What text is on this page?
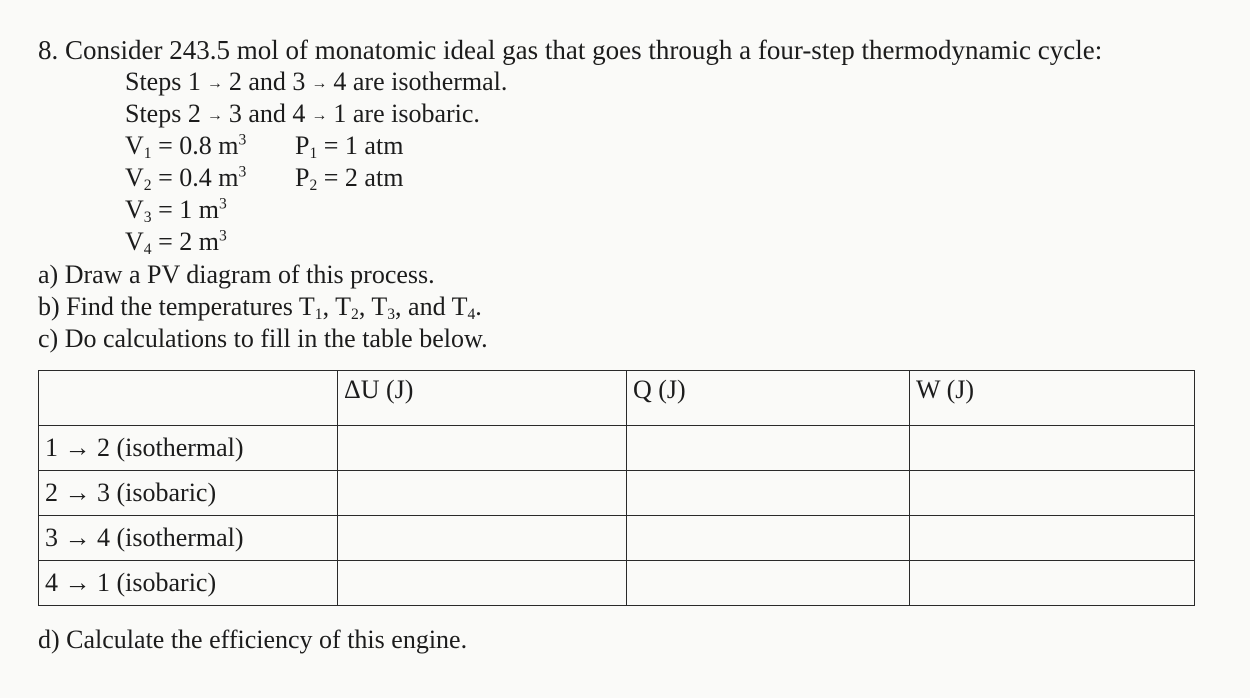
8. Consider 243.5 mol of monatomic ideal gas that goes through a four-step thermodynamic cycle:
Steps 1 → 2 and 3 → 4 are isothermal.
Steps 2 → 3 and 4 → 1 are isobaric.
$V_1 = 0.8$ $m^3$	$P_1 = 1$ atm
$V_2 = 0.4$ $m^3$	$P_2 = 2$ atm
$V_3 = 1$ $m^3$
$V_4 = 2$ $m^3$
a) Draw a PV diagram of this process.
b) Find the temperatures $T_1$, $T_2$, $T_3$, and $T_4$.
c) Do calculations to fill in the table below.
	ΔU (J)	Q (J)	W (J)
1 → 2 (isothermal)			
2 → 3 (isobaric)			
3 → 4 (isothermal)			
4 → 1 (isobaric)			
d) Calculate the efficiency of this engine.
